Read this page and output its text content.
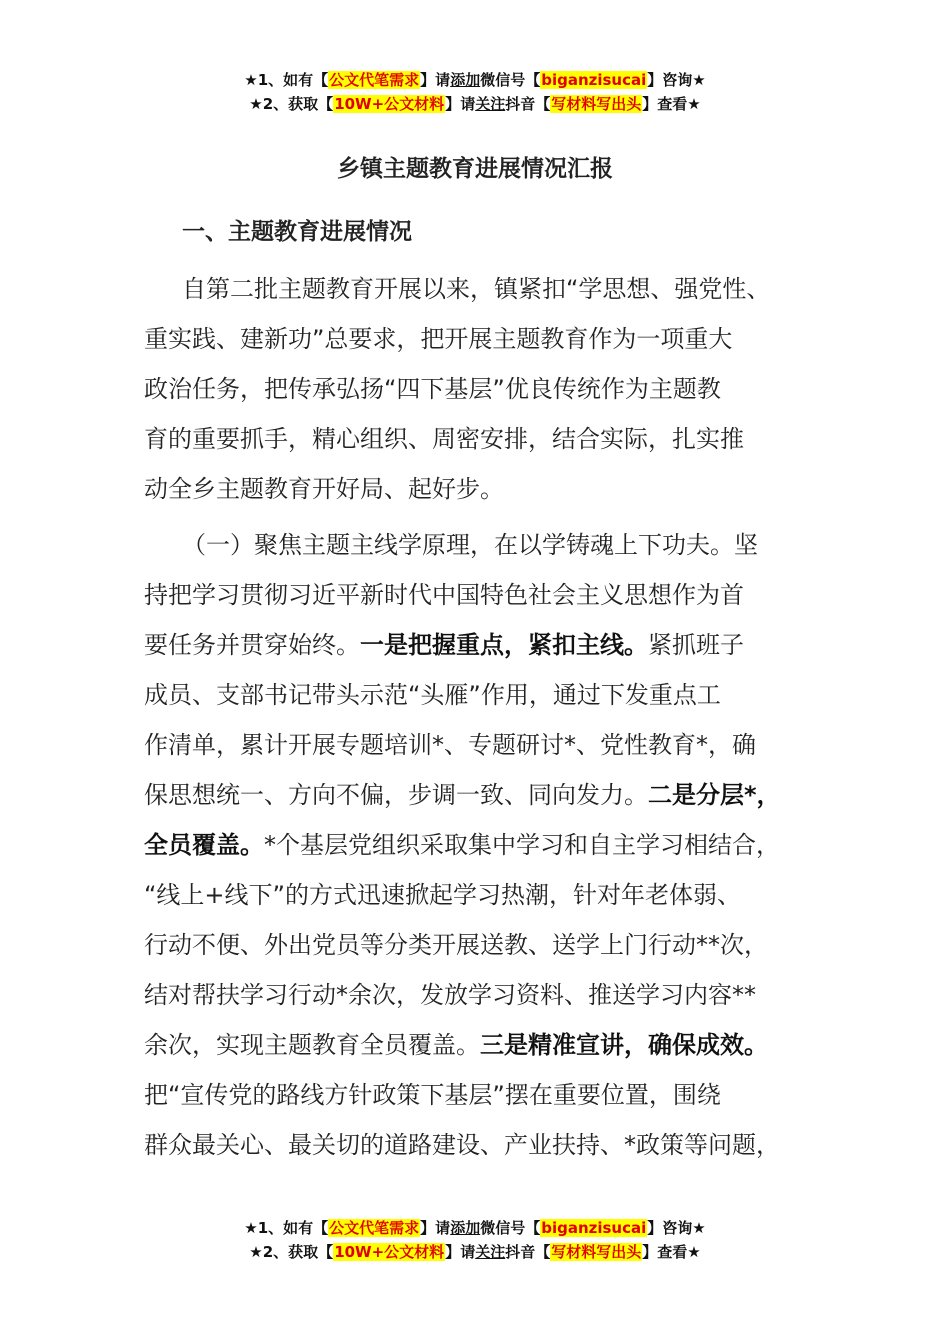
★1、如有【公文代笔需求】请添加微信号【biganzisucai】咨询★
★2、获取【10W+公文材料】请关注抖音【写材料写出头】查看★
乡镇主题教育进展情况汇报
一、主题教育进展情况
自第二批主题教育开展以来，镇紧扣“学思想、强党性、
重实践、建新功”总要求，把开展主题教育作为一项重大
政治任务，把传承弘扬“四下基层”优良传统作为主题教
育的重要抓手，精心组织、周密安排，结合实际，扎实推
动全乡主题教育开好局、起好步。
（一）聚焦主题主线学原理，在以学铸魂上下功夫。坚
持把学习贯彻习近平新时代中国特色社会主义思想作为首
要任务并贯穿始终。一是把握重点，紧扣主线。紧抓班子
成员、支部书记带头示范“头雁”作用，通过下发重点工
作清单，累计开展专题培训*、专题研讨*、党性教育*，确
保思想统一、方向不偏，步调一致、同向发力。二是分层*，
全员覆盖。*个基层党组织采取集中学习和自主学习相结合，
“线上+线下”的方式迅速掀起学习热潮，针对年老体弱、
行动不便、外出党员等分类开展送教、送学上门行动**次，
结对帮扶学习行动*余次，发放学习资料、推送学习内容**
余次，实现主题教育全员覆盖。三是精准宣讲，确保成效。
把“宣传党的路线方针政策下基层”摆在重要位置，围绕
群众最关心、最关切的道路建设、产业扶持、*政策等问题，
★1、如有【公文代笔需求】请添加微信号【biganzisucai】咨询★
★2、获取【10W+公文材料】请关注抖音【写材料写出头】查看★
